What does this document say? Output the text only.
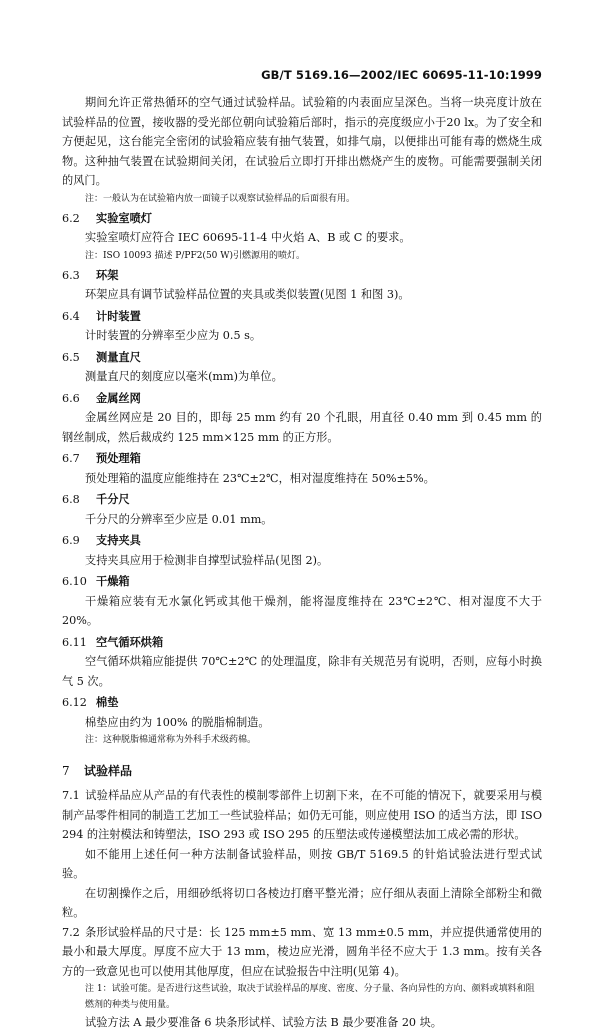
GB/T 5169.16—2002/IEC 60695-11-10:1999

期间允许正常热循环的空气通过试验样品。试验箱的内表面应呈深色。当将一块亮度计放在试验样品的位置，接收器的受光部位朝向试验箱后部时，指示的亮度级应小于20 lx。为了安全和方便起见，这台能完全密闭的试验箱应装有抽气装置，如排气扇，以便排出可能有毒的燃烧生成物。这种抽气装置在试验期间关闭，在试验后立即打开排出燃烧产生的废物。可能需要强制关闭的风门。

注：一般认为在试验箱内放一面镜子以观察试验样品的后面很有用。

6.2 实验室喷灯

实验室喷灯应符合 IEC 60695-11-4 中火焰 A、B 或 C 的要求。

注：ISO 10093 描述 P/PF2(50 W)引燃源用的喷灯。

6.3 环架

环架应具有调节试验样品位置的夹具或类似装置(见图 1 和图 3)。

6.4 计时装置

计时装置的分辨率至少应为 0.5 s。

6.5 测量直尺

测量直尺的刻度应以毫米(mm)为单位。

6.6 金属丝网

金属丝网应是 20 目的，即每 25 mm 约有 20 个孔眼，用直径 0.40 mm 到 0.45 mm 的钢丝制成，然后裁成约 125 mm×125 mm 的正方形。

6.7 预处理箱

预处理箱的温度应能维持在 23℃±2℃，相对湿度维持在 50%±5%。

6.8 千分尺

千分尺的分辨率至少应是 0.01 mm。

6.9 支持夹具

支持夹具应用于检测非自撑型试验样品(见图 2)。

6.10 干燥箱

干燥箱应装有无水氯化钙或其他干燥剂，能将湿度维持在 23℃±2℃、相对湿度不大于 20%。

6.11 空气循环烘箱

空气循环烘箱应能提供 70℃±2℃ 的处理温度，除非有关规范另有说明，否则，应每小时换气 5 次。

6.12 棉垫

棉垫应由约为 100% 的脱脂棉制造。

注：这种脱脂棉通常称为外科手术级药棉。

7 试验样品

7.1 试验样品应从产品的有代表性的模制零部件上切割下来，在不可能的情况下，就要采用与模制产品零件相同的制造工艺加工一些试验样品；如仍无可能，则应使用 ISO 的适当方法，即 ISO 294 的注射模法和铸塑法，ISO 293 或 ISO 295 的压塑法或传递模塑法加工成必需的形状。

如不能用上述任何一种方法制备试验样品，则按 GB/T 5169.5 的针焰试验法进行型式试验。

在切割操作之后，用细砂纸将切口各棱边打磨平整光滑；应仔细从表面上清除全部粉尘和微粒。

7.2 条形试验样品的尺寸是：长 125 mm±5 mm、宽 13 mm±0.5 mm，并应提供通常使用的最小和最大厚度。厚度不应大于 13 mm，棱边应光滑，圆角半径不应大于 1.3 mm。按有关各方的一致意见也可以使用其他厚度，但应在试验报告中注明(见第 4)。

注 1：试验可能。是否进行这些试验，取决于试验样品的厚度、密度、分子量、各向异性的方向、颜料或填料和阻燃剂的种类与使用量。

试验方法 A 最少要准备 6 块条形试样、试验方法 B 最少要准备 20 块。
